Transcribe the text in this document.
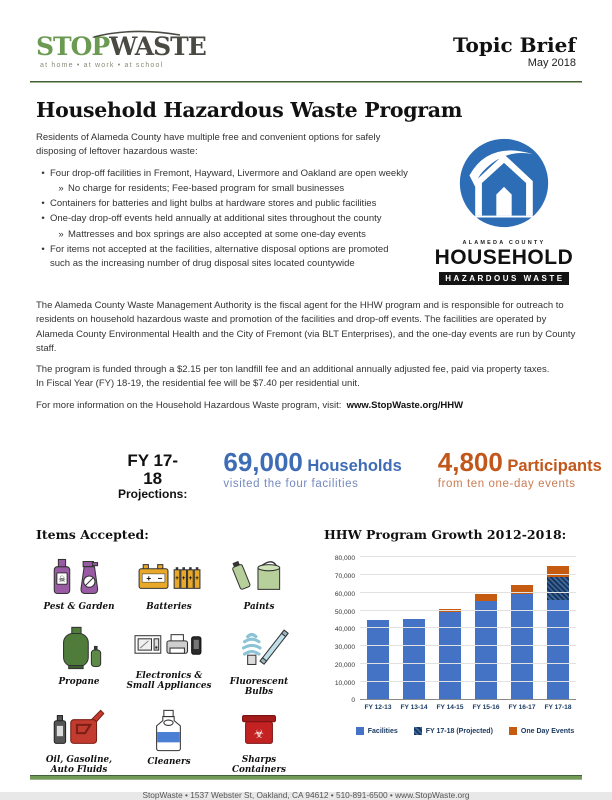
STOPWASTE
at home • at work • at school
Topic Brief
May 2018
Household Hazardous Waste Program

Residents of Alameda County have multiple free and convenient options for safely disposing of leftover hazardous waste:

• Four drop-off facilities in Fremont, Hayward, Livermore and Oakland are open weekly
» No charge for residents; Fee-based program for small businesses
• Containers for batteries and light bulbs at hardware stores and public facilities
• One-day drop-off events held annually at additional sites throughout the county
» Mattresses and box springs are also accepted at some one-day events
• For items not accepted at the facilities, alternative disposal options are promoted such as the increasing number of drug disposal sites located countywide
ALAMEDA COUNTY
HOUSEHOLD
HAZARDOUS WASTE

The Alameda County Waste Management Authority is the fiscal agent for the HHW program and is responsible for outreach to residents on household hazardous waste and promotion of the facilities and drop-off events. The facilities are operated by Alameda County Environmental Health and the City of Fremont (via BLT Enterprises), and the one-day events are run by County staff.

The program is funded through a $2.15 per ton landfill fee and an additional annually adjusted fee, paid via property taxes.
In Fiscal Year (FY) 18-19, the residential fee will be $7.40 per residential unit.

For more information on the Household Hazardous Waste program, visit: www.StopWaste.org/HHW

FY 17-18
Projections:
69,000 Households
visited the four facilities
4,800 Participants
from ten one-day events
Items Accepted:
☠
Pest & Garden
+ − + + + +
Batteries	Paints
Propane
Electronics & Small Appliances	Fluorescent Bulbs
Oil, Gasoline, Auto Fluids
Cleaners
☣
Sharps Containers
HHW Program Growth 2012-2018:
0
10,000
20,000
30,000
40,000
50,000
60,000
70,000
80,000
FY 12-13	FY 13-14	FY 14-15	FY 15-16	FY 16-17	FY 17-18
Facilities	FY 17-18 (Projected)	One Day Events
StopWaste • 1537 Webster St, Oakland, CA 94612 • 510-891-6500 • www.StopWaste.org
